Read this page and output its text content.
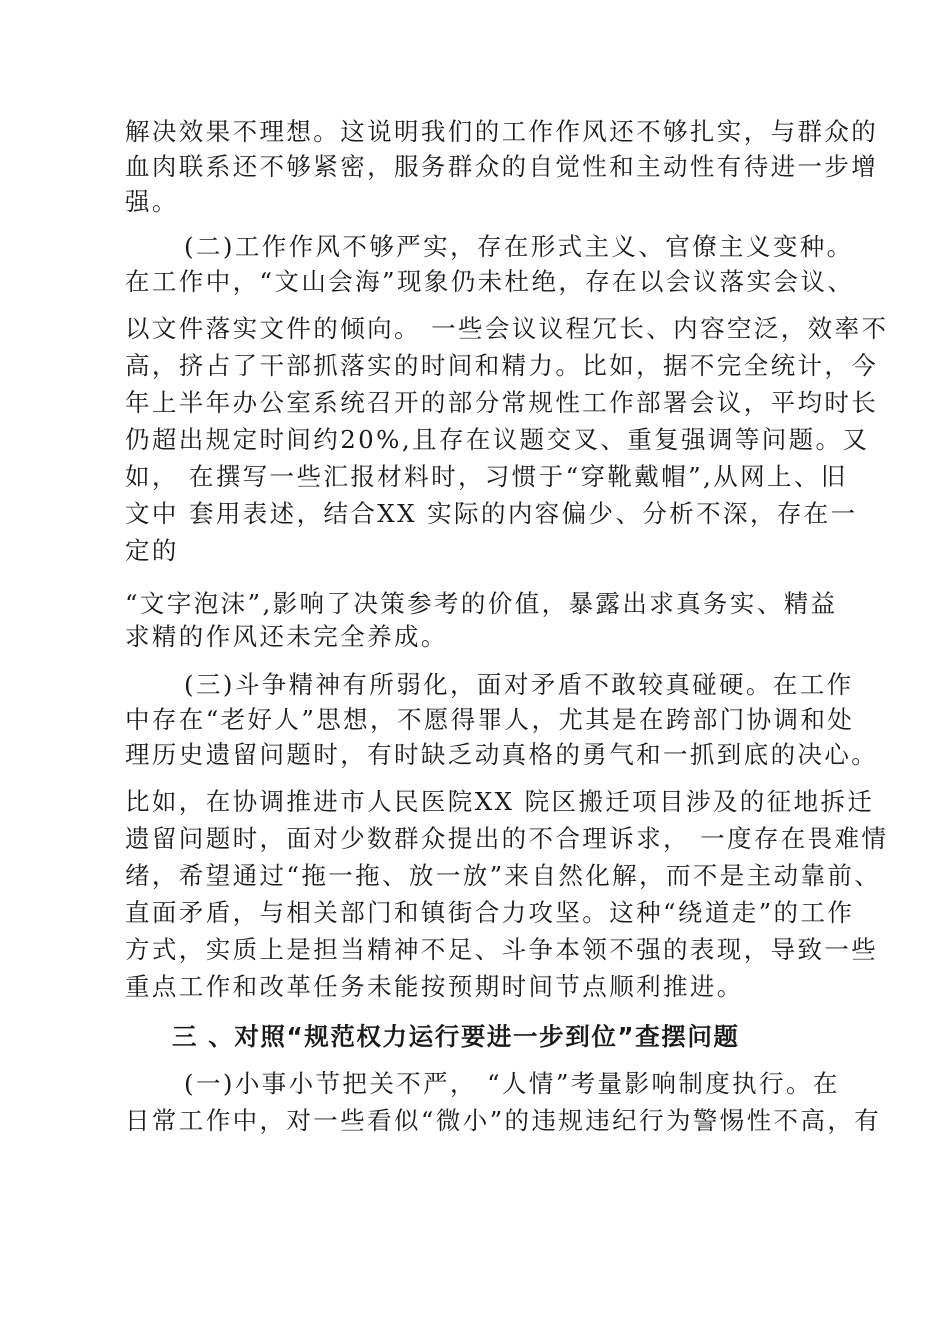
解决效果不理想。这说明我们的工作作风还不够扎实，与群众的

血肉联系还不够紧密，服务群众的自觉性和主动性有待进一步增

强。

(二)工作作风不够严实，存在形式主义、官僚主义变种。

在工作中，“文山会海”现象仍未杜绝，存在以会议落实会议、

以文件落实文件的倾向。 一些会议议程冗长、内容空泛，效率不

高，挤占了干部抓落实的时间和精力。比如，据不完全统计，今

年上半年办公室系统召开的部分常规性工作部署会议，平均时长

仍超出规定时间约20%,且存在议题交叉、重复强调等问题。又

如， 在撰写一些汇报材料时，习惯于“穿靴戴帽”,从网上、旧

文中 套用表述，结合XX 实际的内容偏少、分析不深，存在一

定的

“文字泡沫”,影响了决策参考的价值，暴露出求真务实、精益

求精的作风还未完全养成。

(三)斗争精神有所弱化，面对矛盾不敢较真碰硬。在工作

中存在“老好人”思想，不愿得罪人，尤其是在跨部门协调和处

理历史遗留问题时，有时缺乏动真格的勇气和一抓到底的决心。

比如，在协调推进市人民医院XX 院区搬迁项目涉及的征地拆迁

遗留问题时，面对少数群众提出的不合理诉求， 一度存在畏难情

绪，希望通过“拖一拖、放一放”来自然化解，而不是主动靠前、

直面矛盾，与相关部门和镇街合力攻坚。这种“绕道走”的工作

方式，实质上是担当精神不足、斗争本领不强的表现，导致一些

重点工作和改革任务未能按预期时间节点顺利推进。

三 、对照“规范权力运行要进一步到位”查摆问题

(一)小事小节把关不严， “人情”考量影响制度执行。在

日常工作中，对一些看似“微小”的违规违纪行为警惕性不高，有
